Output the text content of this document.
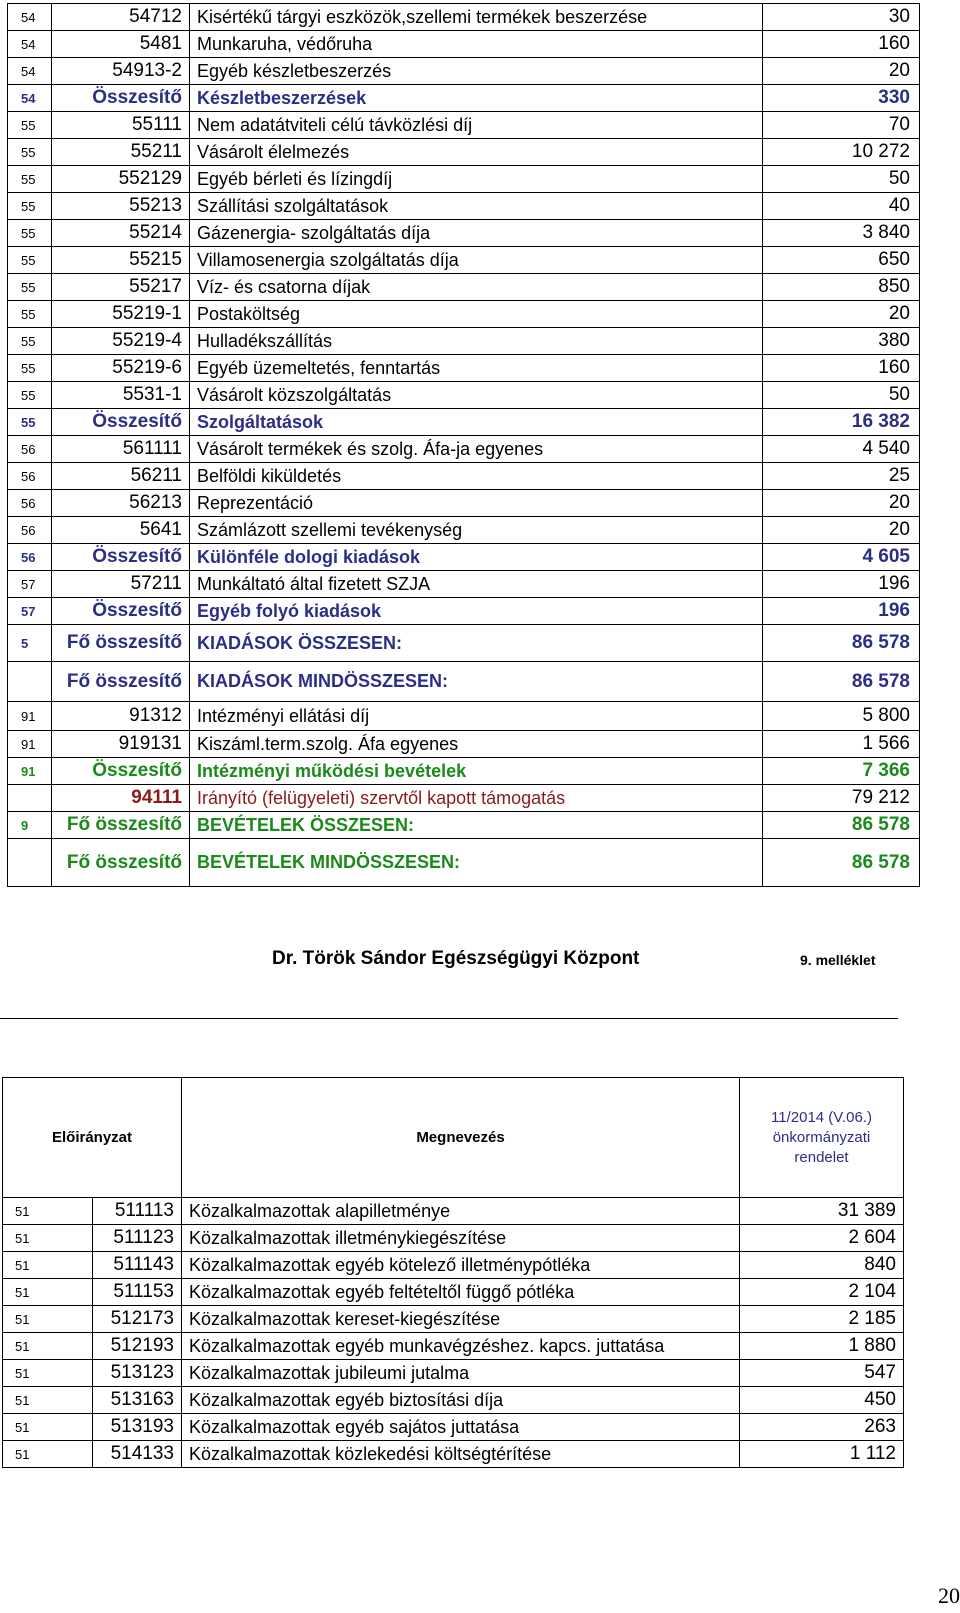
54	54712	Kisértékű tárgyi eszközök,szellemi termékek beszerzése	30
54	5481	Munkaruha, védőruha	160
54	54913-2	Egyéb készletbeszerzés	20
54	Összesítő	Készletbeszerzések	330
55	55111	Nem adatátviteli célú távközlési díj	70
55	55211	Vásárolt élelmezés	10 272
55	552129	Egyéb bérleti és lízingdíj	50
55	55213	Szállítási szolgáltatások	40
55	55214	Gázenergia- szolgáltatás díja	3 840
55	55215	Villamosenergia szolgáltatás díja	650
55	55217	Víz- és csatorna díjak	850
55	55219-1	Postaköltség	20
55	55219-4	Hulladékszállítás	380
55	55219-6	Egyéb üzemeltetés, fenntartás	160
55	5531-1	Vásárolt közszolgáltatás	50
55	Összesítő	Szolgáltatások	16 382
56	561111	Vásárolt termékek és szolg. Áfa-ja egyenes	4 540
56	56211	Belföldi kiküldetés	25
56	56213	Reprezentáció	20
56	5641	Számlázott szellemi tevékenység	20
56	Összesítő	Különféle dologi kiadások	4 605
57	57211	Munkáltató által fizetett SZJA	196
57	Összesítő	Egyéb folyó kiadások	196
5	Fő összesítő	KIADÁSOK ÖSSZESEN:	86 578
	Fő összesítő	KIADÁSOK MINDÖSSZESEN:	86 578
91	91312	Intézményi ellátási díj	5 800
91	919131	Kiszáml.term.szolg. Áfa egyenes	1 566
91	Összesítő	Intézményi működési bevételek	7 366
	94111	Irányító (felügyeleti) szervtől kapott támogatás	79 212
9	Fő összesítő	BEVÉTELEK ÖSSZESEN:	86 578
	Fő összesítő	BEVÉTELEK MINDÖSSZESEN:	86 578
Dr. Török Sándor Egészségügyi Központ	9. melléklet
Előirányzat		Megnevezés	11/2014 (V.06.)
önkormányzati
rendelet

51	511113	Közalkalmazottak alapilletménye	31 389
51	511123	Közalkalmazottak illetménykiegészítése	2 604
51	511143	Közalkalmazottak egyéb kötelező illetménypótléka	840
51	511153	Közalkalmazottak egyéb feltételtől függő pótléka	2 104
51	512173	Közalkalmazottak kereset-kiegészítése	2 185
51	512193	Közalkalmazottak egyéb munkavégzéshez. kapcs. juttatása	1 880
51	513123	Közalkalmazottak jubileumi jutalma	547
51	513163	Közalkalmazottak egyéb biztosítási díja	450
51	513193	Közalkalmazottak egyéb sajátos juttatása	263
51	514133	Közalkalmazottak közlekedési költségtérítése	1 112
20
